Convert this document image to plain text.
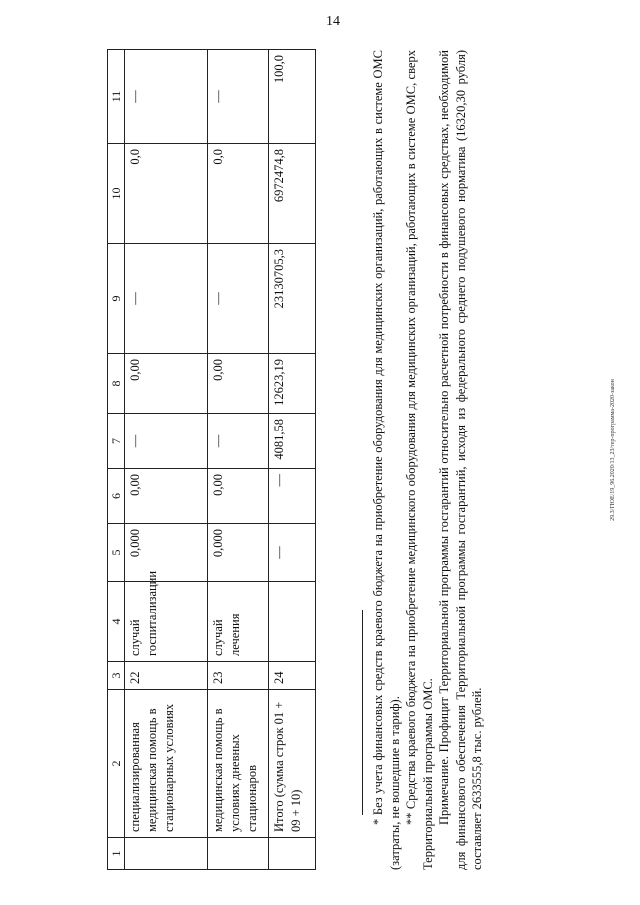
14
29.3/ГЮЕ/19_96.2020/13_23/тер-программа-2020-закон
1	2	3	4	5	6	7	8	9	10	11
	специализированная медицинская помощь в стационарных условиях	22	случай госпитализации	0,000	0,00	—	0,00	—	0,0	—
	медицинская помощь в условиях дневных стационаров	23	случай лечения	0,000	0,00	—	0,00	—	0,0	—
	Итого (сумма строк 01 + 09 + 10)	24		—	—	4081,58	12623,19	23130705,3	6972474,8	100,0	* Без учета финансовых средств краевого бюджета на приобретение оборудования для медицинских организаций, работающих в системе ОМС (затраты, не вошедшие в тариф). ** Средства краевого бюджета на приобретение медицинского оборудования для медицинских организаций, работающих в системе ОМС, сверх Территориальной программы ОМС. Примечание. Профицит Территориальной программы госгарантий относительно расчетной потребности в финансовых средствах, необходимой для финансового обеспечения Территориальной программы госгарантий, исходя из федерального среднего подушевого норматива (16320,30 рубля) составляет 2633555,8 тыс. рублей.
